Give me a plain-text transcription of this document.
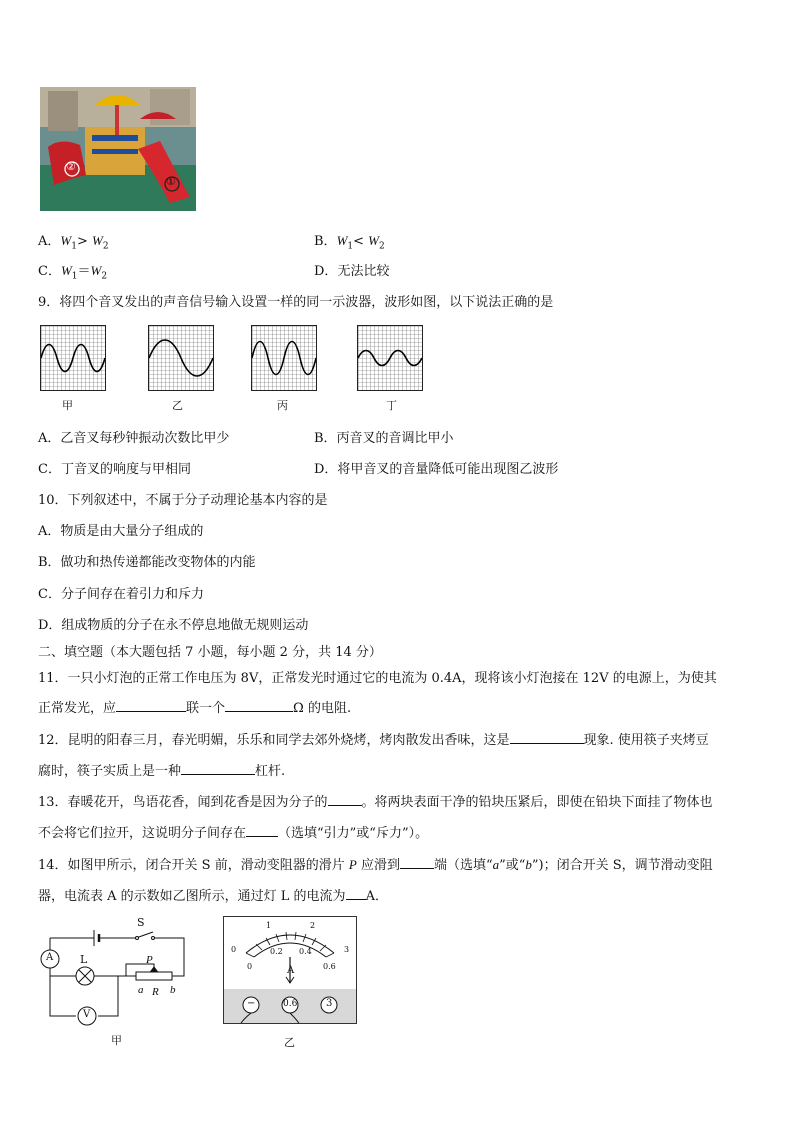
②
①
A．$W_1> W_2$	B．$W_1< W_2$
C．$W_1=W_2$	D．无法比较
9．将四个音叉发出的声音信号输入设置一样的同一示波器，波形如图，以下说法正确的是
甲	乙	丙	丁
A．乙音叉每秒钟振动次数比甲少	B．丙音叉的音调比甲小
C．丁音叉的响度与甲相同	D．将甲音叉的音量降低可能出现图乙波形
10．下列叙述中，不属于分子动理论基本内容的是
A．物质是由大量分子组成的
B．做功和热传递都能改变物体的内能
C．分子间存在着引力和斥力
D．组成物质的分子在永不停息地做无规则运动
二、填空题（本大题包括 7 小题，每小题 2 分，共 14 分）
11．一只小灯泡的正常工作电压为 8V，正常发光时通过它的电流为 0.4A，现将该小灯泡接在 12V 的电源上，为使其
正常发光，应	联一个	Ω 的电阻.
12．昆明的阳春三月，春光明媚，乐乐和同学去郊外烧烤，烤肉散发出香味，这是	现象. 使用筷子夹烤豆
腐时，筷子实质上是一种	杠杆.
13．春暖花开，鸟语花香，闻到花香是因为分子的	。将两块表面干净的铅块压紧后，即使在铅块下面挂了物体也
不会将它们拉开，这说明分子间存在 （选填“引力”或“斥力”）。
14．如图甲所示，闭合开关 S 前，滑动变阻器的滑片 P 应滑到	端（选填“a”或“b”)；闭合开关 S，调节滑动变阻
器，电流表 A 的示数如乙图所示，通过灯 L 的电流为 A．
S
L	P
a R b
A
V
甲
0
1	2
3
0
0.2 0.4
0.6
A
−	0.6	3
乙
